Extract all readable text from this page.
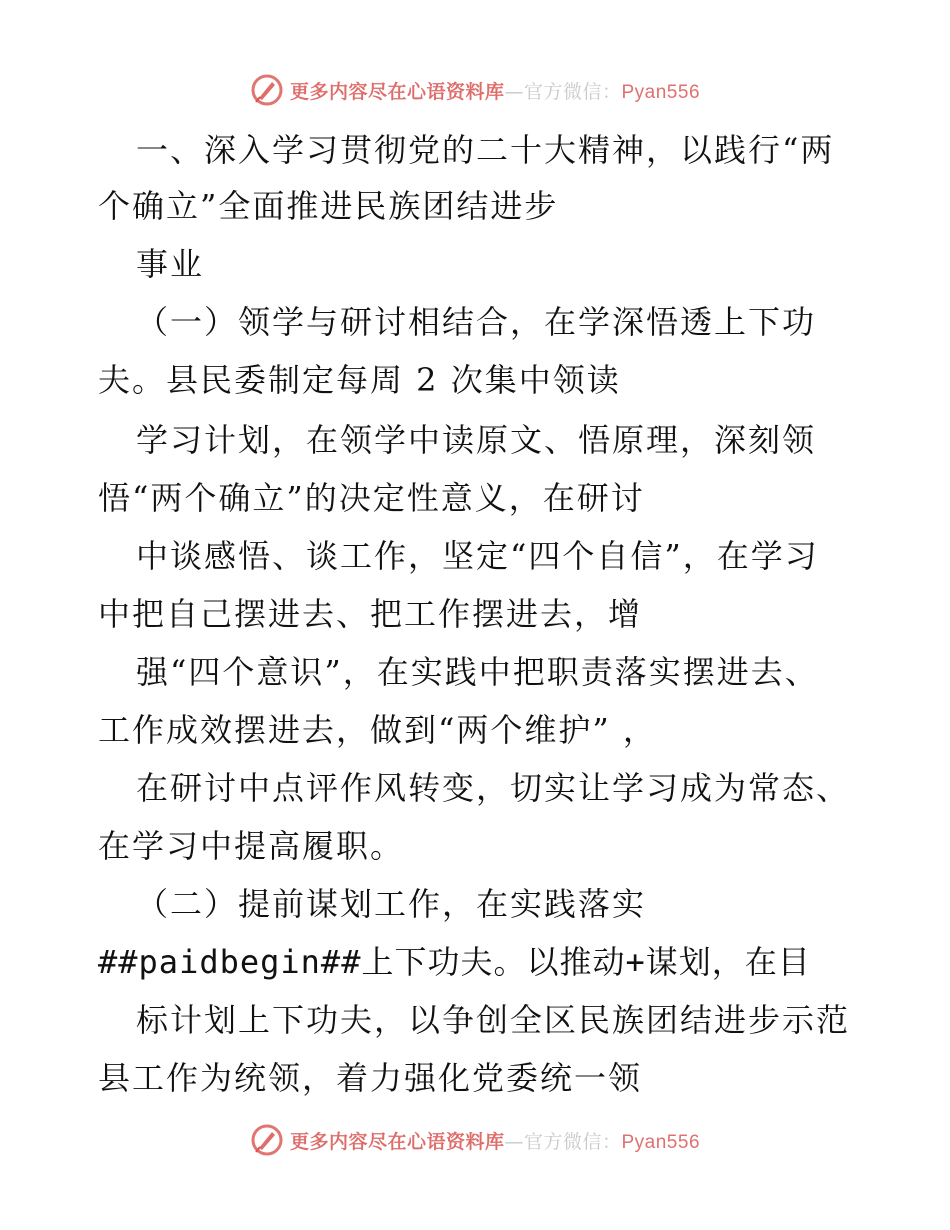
更多内容尽在心语资料库—官方微信：Pyan556
一、深入学习贯彻党的二十大精神，以践行“两
个确立”全面推进民族团结进步
事业
（一）领学与研讨相结合，在学深悟透上下功
夫。县民委制定每周 2 次集中领读
学习计划，在领学中读原文、悟原理，深刻领
悟“两个确立”的决定性意义，在研讨
中谈感悟、谈工作，坚定“四个自信”，在学习
中把自己摆进去、把工作摆进去，增
强“四个意识”，在实践中把职责落实摆进去、
工作成效摆进去，做到“两个维护” ，
在研讨中点评作风转变，切实让学习成为常态、
在学习中提高履职。
（二）提前谋划工作，在实践落实
##paidbegin##上下功夫。以推动+谋划，在目
标计划上下功夫，以争创全区民族团结进步示范
县工作为统领，着力强化党委统一领
更多内容尽在心语资料库—官方微信：Pyan556
